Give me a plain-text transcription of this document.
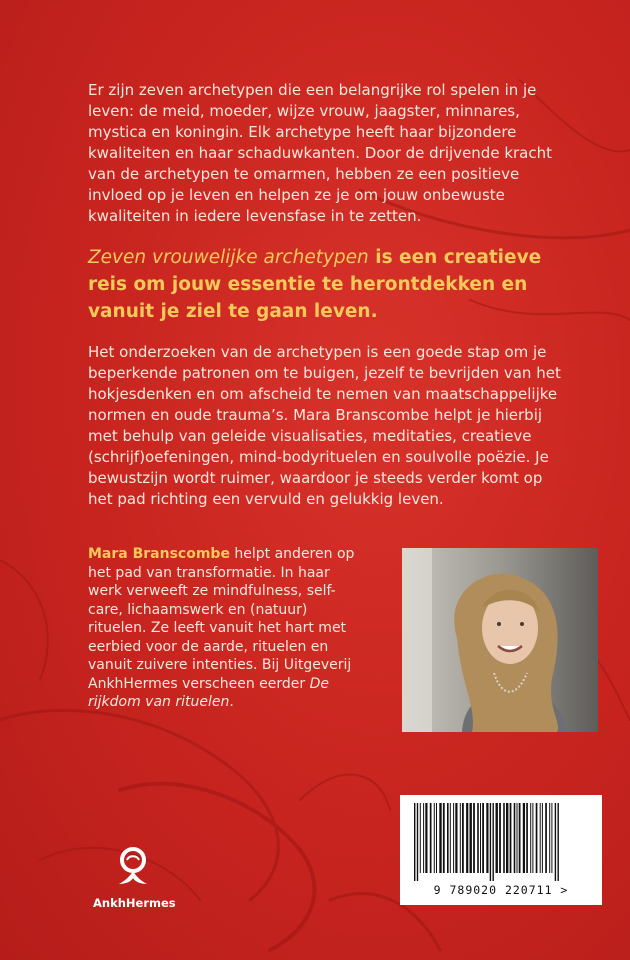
Er zijn zeven archetypen die een belangrijke rol spelen in je leven: de meid, moeder, wijze vrouw, jaagster, minnares, mystica en koningin. Elk archetype heeft haar bijzondere kwaliteiten en haar schaduwkanten. Door de drijvende kracht van de archetypen te omarmen, hebben ze een positieve invloed op je leven en helpen ze je om jouw onbewuste kwaliteiten in iedere levensfase in te zetten.

Zeven vrouwelijke archetypen is een creatieve reis om jouw essentie te herontdekken en vanuit je ziel te gaan leven.

Het onderzoeken van de archetypen is een goede stap om je beperkende patronen om te buigen, jezelf te bevrijden van het hokjesdenken en om afscheid te nemen van maatschappelijke normen en oude trauma’s. Mara Branscombe helpt je hierbij met behulp van geleide visualisaties, meditaties, creatieve (schrijf)oefeningen, mind-bodyrituelen en soulvolle poëzie. Je bewustzijn wordt ruimer, waardoor je steeds verder komt op het pad richting een vervuld en gelukkig leven.

Mara Branscombe helpt anderen op het pad van transformatie. In haar werk verweeft ze mindfulness, self-care, lichaamswerk en (natuur) rituelen. Ze leeft vanuit het hart met eerbied voor de aarde, rituelen en vanuit zuivere intenties. Bij Uitgeverij AnkhHermes verscheen eerder De rijkdom van rituelen.

9 789020 220711 >
AnkhHermes
